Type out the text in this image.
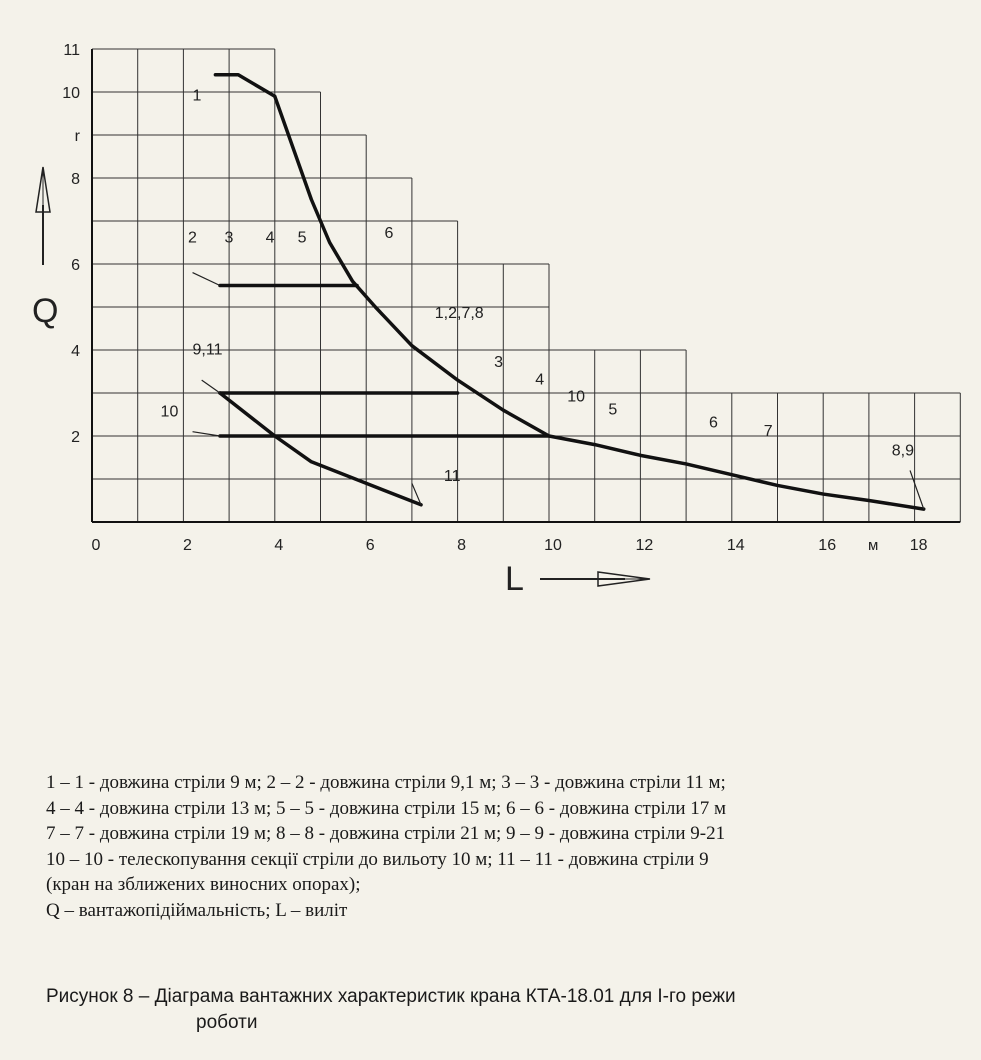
0	2	4	6	8	10	12	14	16	18
2
4
6
8
r
10
11
1
2 3 4 5	6
1,2,7,8
9,11
3
4
10
5
6
7
10
11
8,9
L
Q
м
1 – 1 - довжина стріли 9 м; 2 – 2 - довжина стріли 9,1 м; 3 – 3 - довжина стріли 11 м;
4 – 4 - довжина стріли 13 м; 5 – 5 - довжина стріли 15 м; 6 – 6 - довжина стріли 17 м
7 – 7 - довжина стріли 19 м; 8 – 8 - довжина стріли 21 м; 9 – 9 - довжина стріли 9-21
10 – 10 - телескопування секції стріли до вильоту 10 м; 11 – 11 - довжина стріли 9
(кран на зближених виносних опорах);
Q – вантажопідіймальність; L – виліт
Рисунок 8 – Діаграма вантажних характеристик крана КТА-18.01 для І-го режи
роботи
